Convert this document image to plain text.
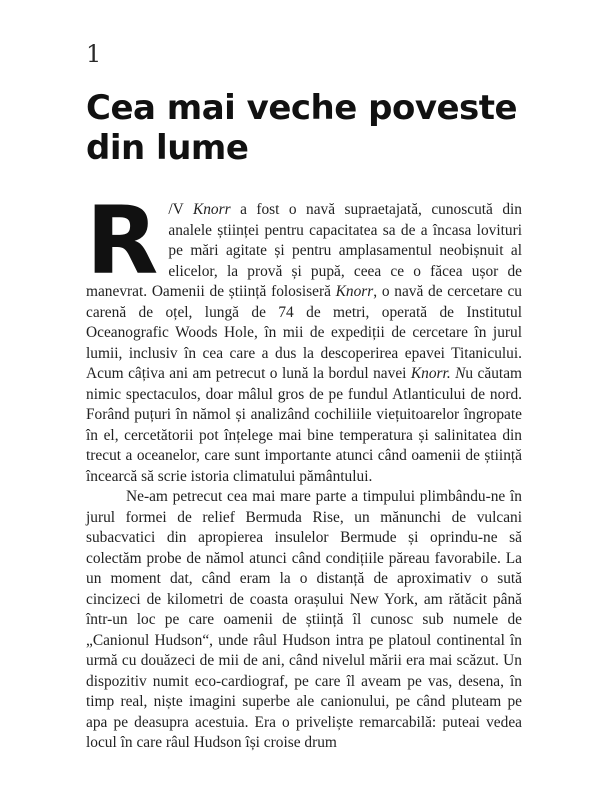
1
Cea mai veche poveste din lume

R /V Knorr a fost o navă supraetajată, cunoscută din analele științei pentru capacitatea sa de a încasa lovituri pe mări agitate și pentru amplasamentul neobișnuit al elicelor, la provă și pupă, ceea ce o făcea ușor de manevrat. Oamenii de știință folosiseră Knorr, o navă de cercetare cu carenă de oțel, lungă de 74 de metri, operată de Institutul Oceanografic Woods Hole, în mii de expediții de cercetare în jurul lumii, inclusiv în cea care a dus la descoperirea epavei Titanicului. Acum câțiva ani am petrecut o lună la bordul navei Knorr. Nu căutam nimic spectaculos, doar mâlul gros de pe fundul Atlanticului de nord. Forând puțuri în nămol și analizând cochiliile viețuitoarelor îngropate în el, cercetătorii pot înțelege mai bine temperatura și salinitatea din trecut a oceanelor, care sunt importante atunci când oamenii de știință încearcă să scrie istoria climatului pământului.

Ne-am petrecut cea mai mare parte a timpului plimbându-ne în jurul formei de relief Bermuda Rise, un mănunchi de vulcani subacvatici din apropierea insulelor Bermude și oprindu-ne să colectăm probe de nămol atunci când condițiile păreau favorabile. La un moment dat, când eram la o distanță de aproximativ o sută cincizeci de kilometri de coasta orașului New York, am rătăcit până într-un loc pe care oamenii de știință îl cunosc sub numele de „Canionul Hudson“, unde râul Hudson intra pe platoul continental în urmă cu douăzeci de mii de ani, când nivelul mării era mai scăzut. Un dispozitiv numit eco-cardiograf, pe care îl aveam pe vas, desena, în timp real, niște imagini superbe ale canionului, pe când pluteam pe apa pe deasupra acestuia. Era o priveliște remarcabilă: puteai vedea locul în care râul Hudson își croise drum
